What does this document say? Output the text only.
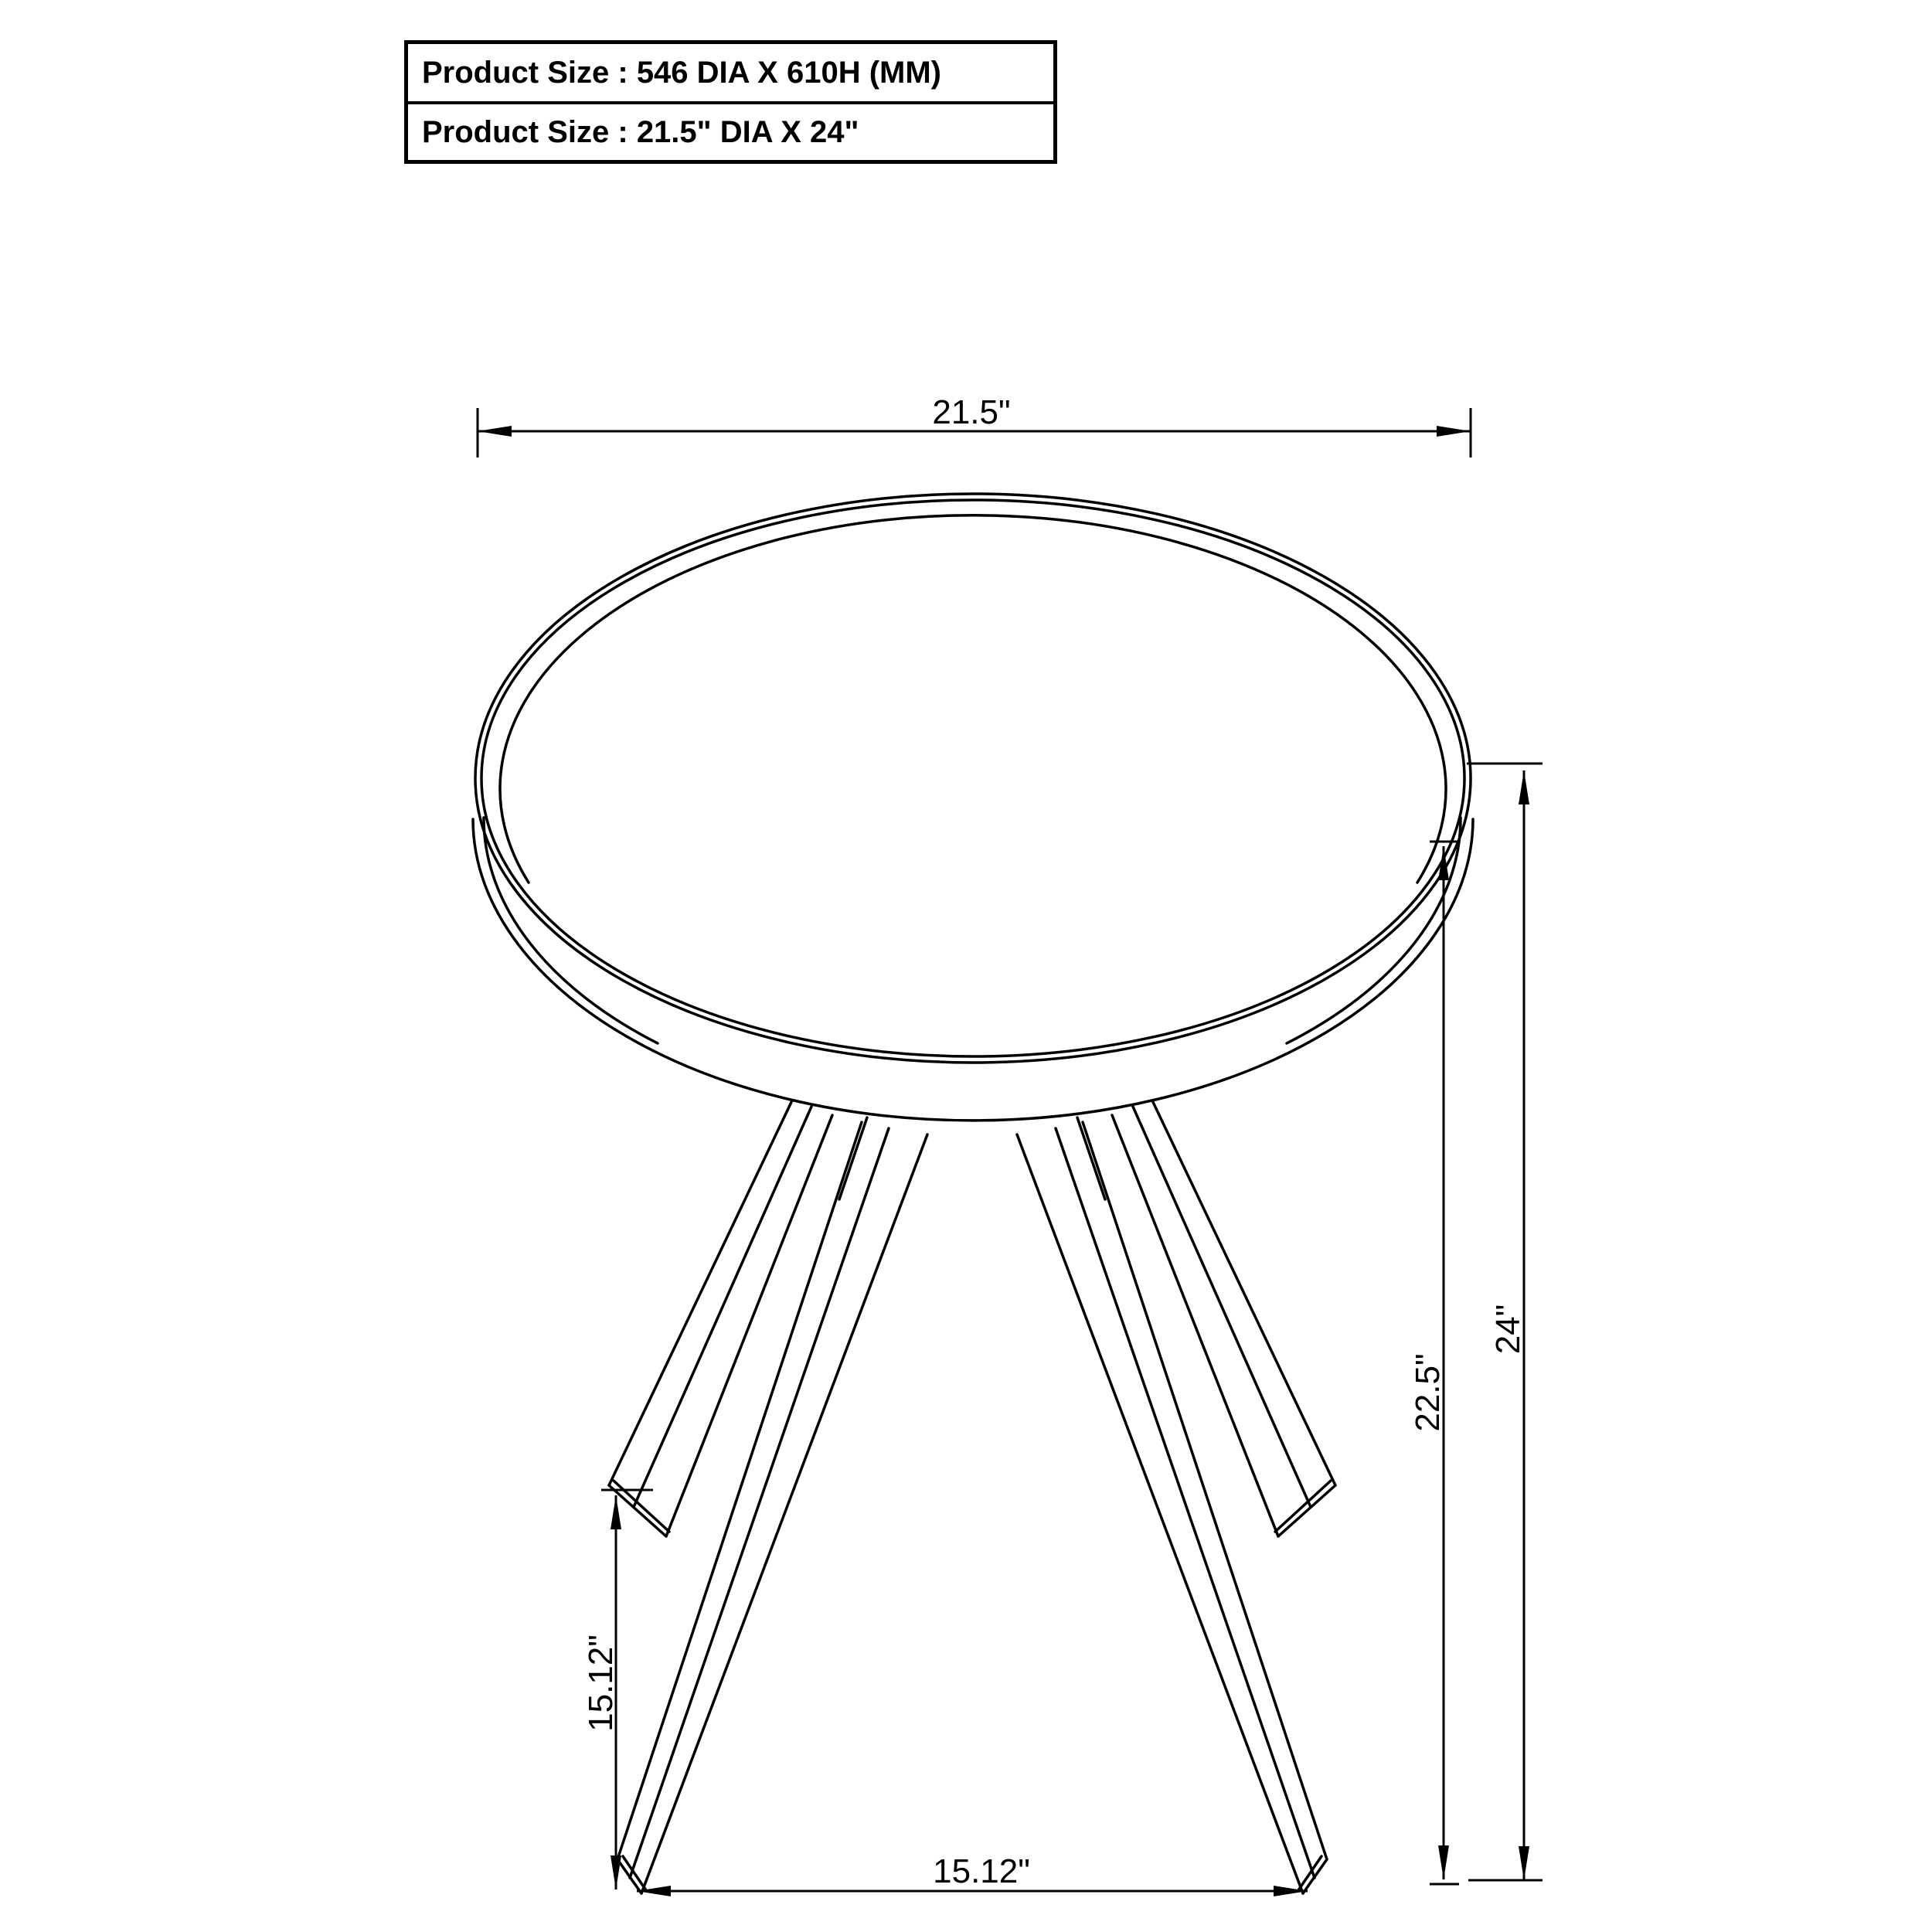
Product Size : 546 DIA X 610H (MM)
Product Size : 21.5" DIA X 24"
21.5"
24"
22.5"
15.12"
15.12"
